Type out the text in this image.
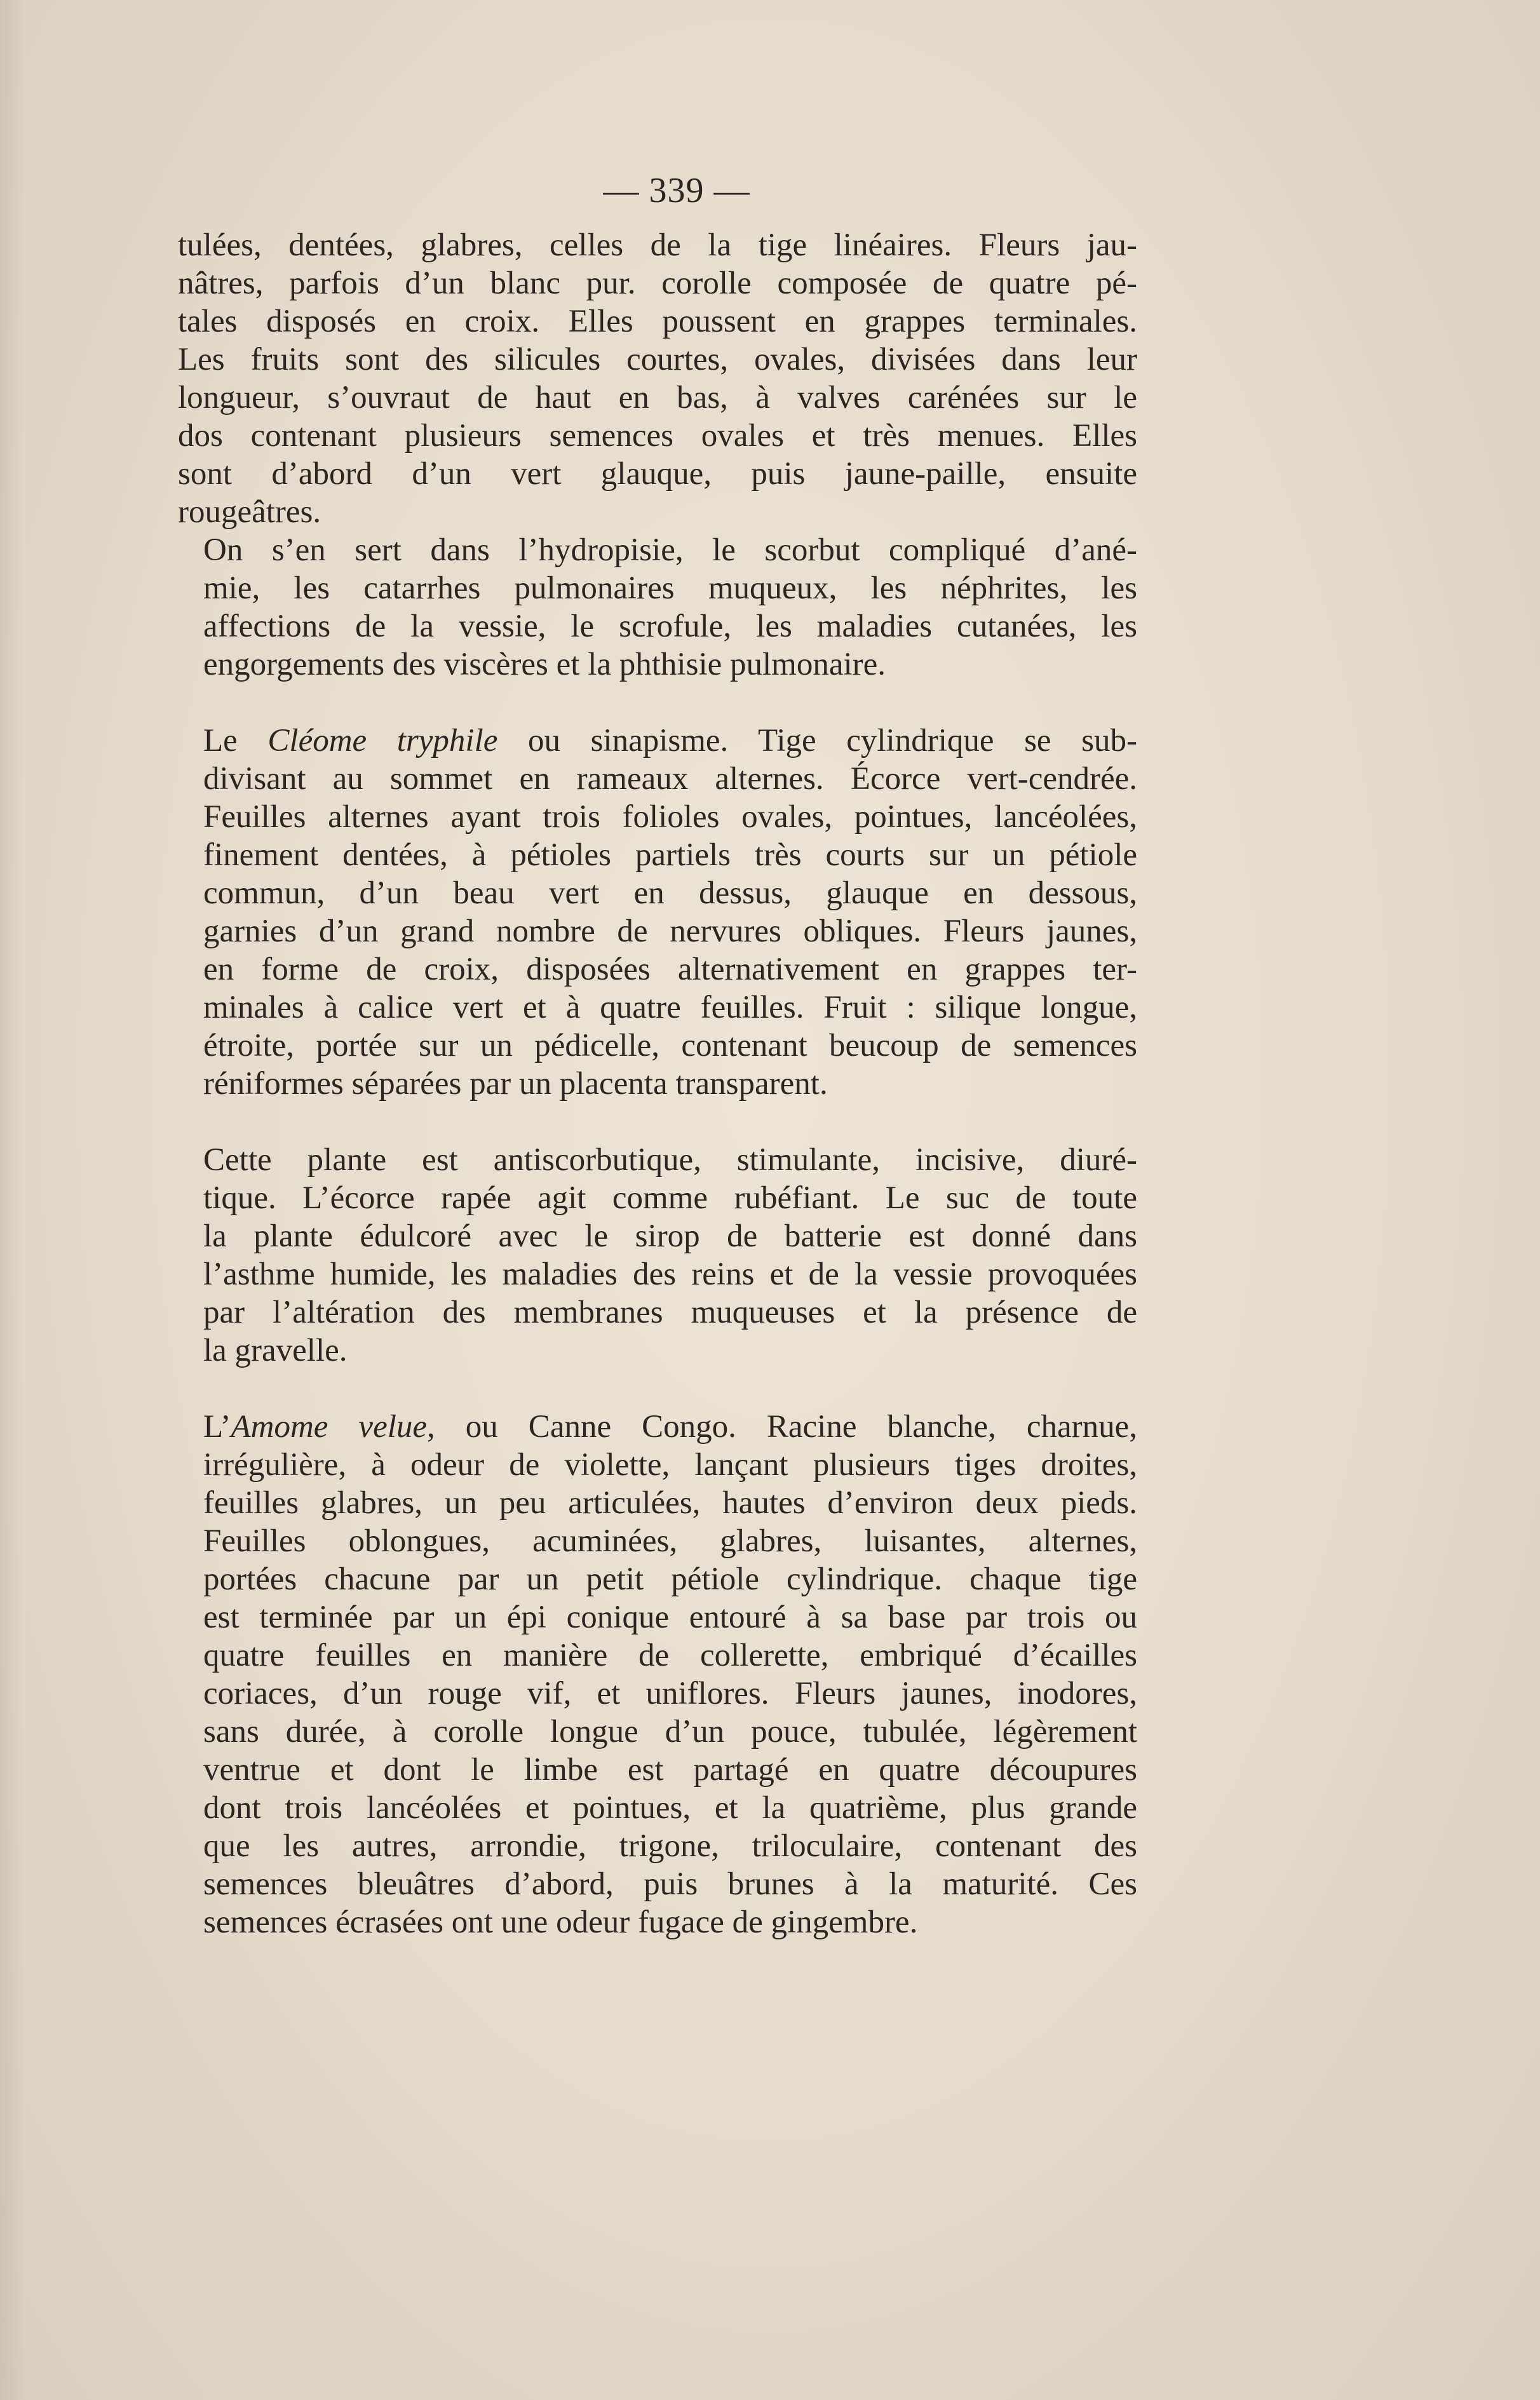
— 339 —

tulées, dentées, glabres, celles de la tige linéaires. Fleurs jau-
nâtres, parfois d’un blanc pur. corolle composée de quatre pé-
tales disposés en croix. Elles poussent en grappes terminales.
Les fruits sont des silicules courtes, ovales, divisées dans leur
longueur, s’ouvraut de haut en bas, à valves carénées sur le
dos contenant plusieurs semences ovales et très menues. Elles
sont d’abord d’un vert glauque, puis jaune-paille, ensuite
rougeâtres.

On s’en sert dans l’hydropisie, le scorbut compliqué d’ané-
mie, les catarrhes pulmonaires muqueux, les néphrites, les
affections de la vessie, le scrofule, les maladies cutanées, les
engorgements des viscères et la phthisie pulmonaire.

Le Cléome tryphile ou sinapisme. Tige cylindrique se sub-
divisant au sommet en rameaux alternes. Écorce vert-cendrée.
Feuilles alternes ayant trois folioles ovales, pointues, lancéolées,
finement dentées, à pétioles partiels très courts sur un pétiole
commun, d’un beau vert en dessus, glauque en dessous,
garnies d’un grand nombre de nervures obliques. Fleurs jaunes,
en forme de croix, disposées alternativement en grappes ter-
minales à calice vert et à quatre feuilles. Fruit : silique longue,
étroite, portée sur un pédicelle, contenant beucoup de semences
réniformes séparées par un placenta transparent.

Cette plante est antiscorbutique, stimulante, incisive, diuré-
tique. L’écorce rapée agit comme rubéfiant. Le suc de toute
la plante édulcoré avec le sirop de batterie est donné dans
l’asthme humide, les maladies des reins et de la vessie provoquées
par l’altération des membranes muqueuses et la présence de
la gravelle.

L’Amome velue, ou Canne Congo. Racine blanche, charnue,
irrégulière, à odeur de violette, lançant plusieurs tiges droites,
feuilles glabres, un peu articulées, hautes d’environ deux pieds.
Feuilles oblongues, acuminées, glabres, luisantes, alternes,
portées chacune par un petit pétiole cylindrique. chaque tige
est terminée par un épi conique entouré à sa base par trois ou
quatre feuilles en manière de collerette, embriqué d’écailles
coriaces, d’un rouge vif, et uniflores. Fleurs jaunes, inodores,
sans durée, à corolle longue d’un pouce, tubulée, légèrement
ventrue et dont le limbe est partagé en quatre découpures
dont trois lancéolées et pointues, et la quatrième, plus grande
que les autres, arrondie, trigone, triloculaire, contenant des
semences bleuâtres d’abord, puis brunes à la maturité. Ces
semences écrasées ont une odeur fugace de gingembre.
